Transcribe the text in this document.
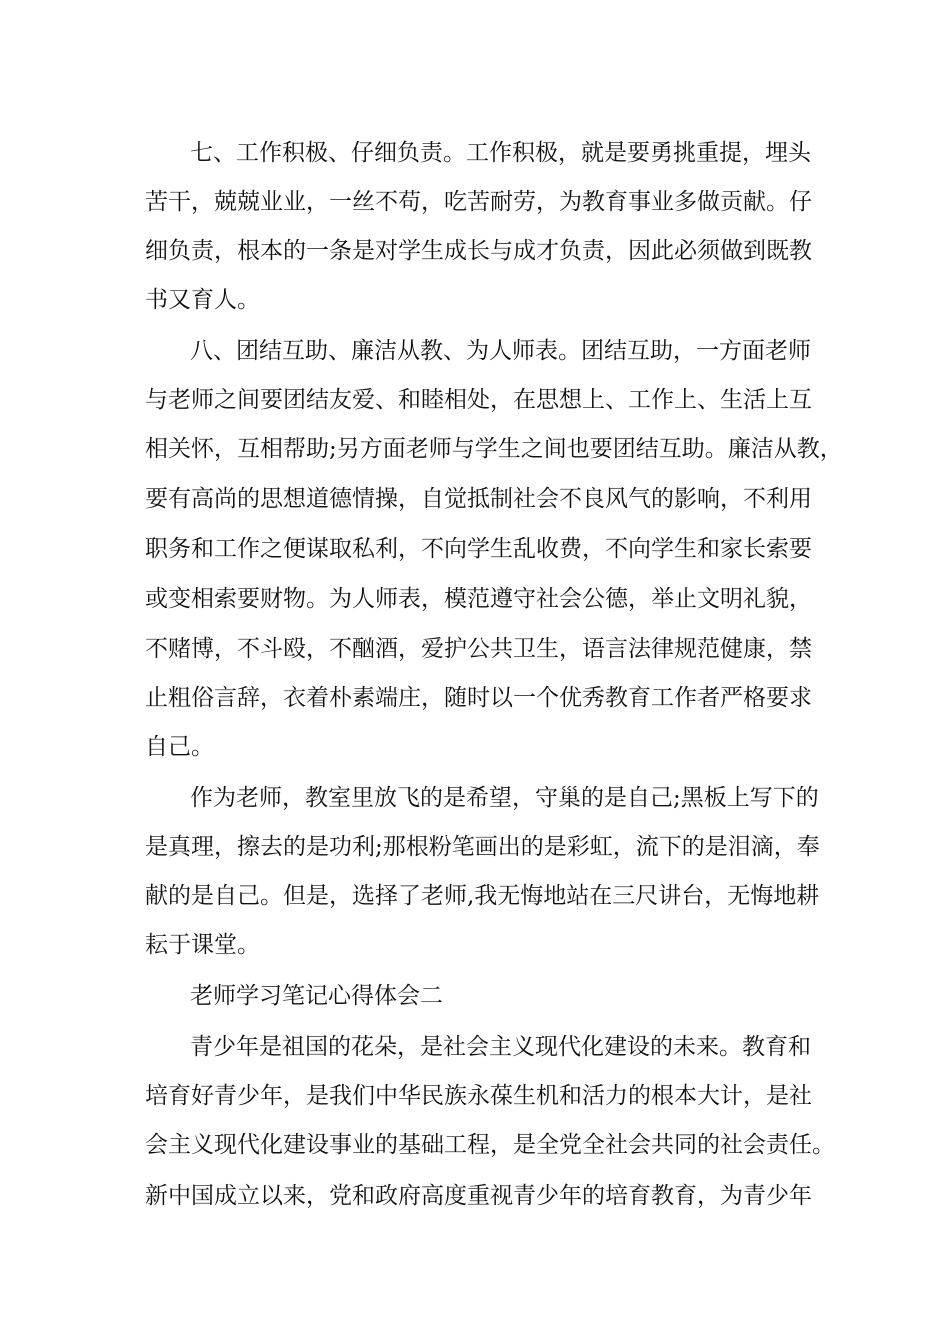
七、工作积极、仔细负责。工作积极，就是要勇挑重提，埋头
苦干，兢兢业业，一丝不苟，吃苦耐劳，为教育事业多做贡献。仔
细负责，根本的一条是对学生成长与成才负责，因此必须做到既教
书又育人。
八、团结互助、廉洁从教、为人师表。团结互助，一方面老师
与老师之间要团结友爱、和睦相处，在思想上、工作上、生活上互
相关怀，互相帮助;另方面老师与学生之间也要团结互助。廉洁从教，
要有高尚的思想道德情操，自觉抵制社会不良风气的影响，不利用
职务和工作之便谋取私利，不向学生乱收费，不向学生和家长索要
或变相索要财物。为人师表，模范遵守社会公德，举止文明礼貌，
不赌博，不斗殴，不酗酒，爱护公共卫生，语言法律规范健康，禁
止粗俗言辞，衣着朴素端庄，随时以一个优秀教育工作者严格要求
自己。
作为老师，教室里放飞的是希望，守巢的是自己;黑板上写下的
是真理，擦去的是功利;那根粉笔画出的是彩虹，流下的是泪滴，奉
献的是自己。但是，选择了老师,我无悔地站在三尺讲台，无悔地耕
耘于课堂。
老师学习笔记心得体会二
青少年是祖国的花朵，是社会主义现代化建设的未来。教育和
培育好青少年，是我们中华民族永葆生机和活力的根本大计，是社
会主义现代化建设事业的基础工程，是全党全社会共同的社会责任。
新中国成立以来，党和政府高度重视青少年的培育教育，为青少年
